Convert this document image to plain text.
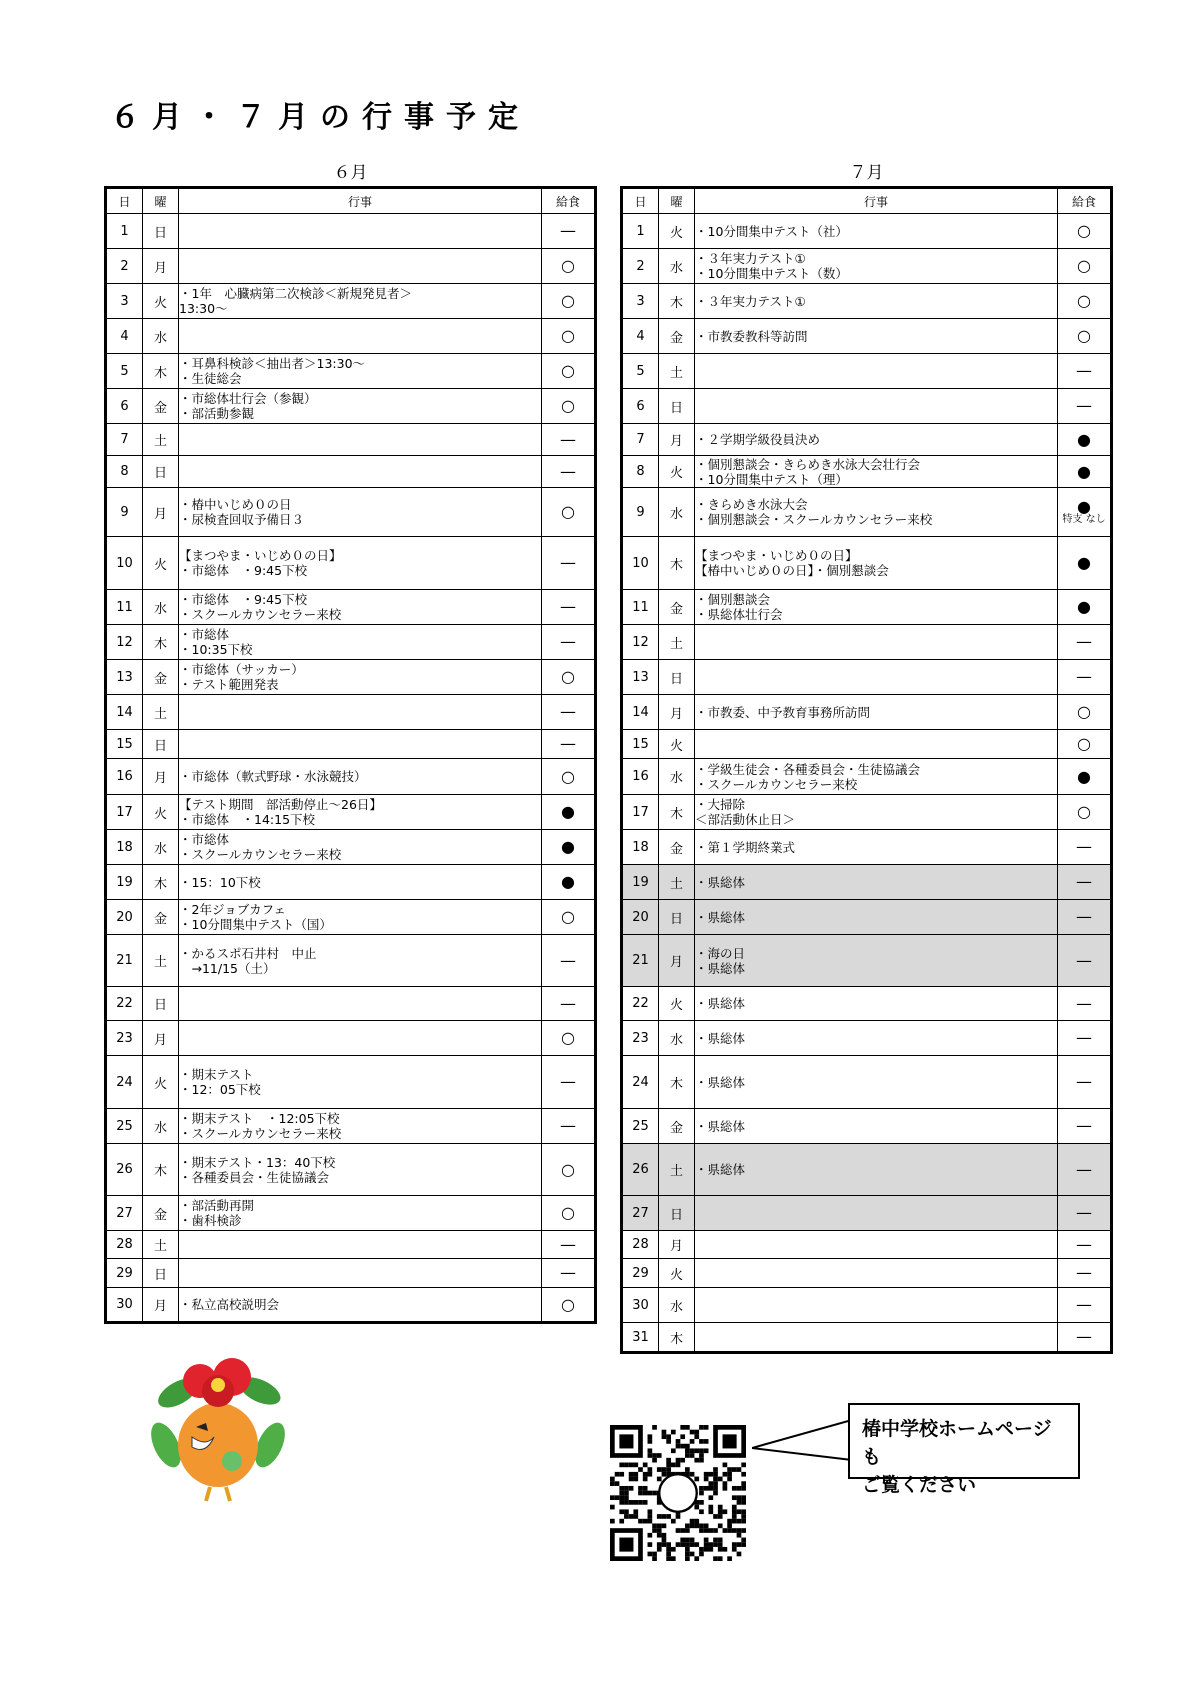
６月・７月の行事予定
６月
日	曜	行事	給食
1	日		—
2	月		○
3	火	・1年　心臓病第二次検診＜新規発見者＞
13:30～	○
4	水		○
5	木	・耳鼻科検診＜抽出者＞13:30～
・生徒総会	○
6	金	・市総体壮行会（参観）
・部活動参観	○
7	土		—
8	日		—
9	月	・椿中いじめ０の日
・尿検査回収予備日３	○
10	火	【まつやま・いじめ０の日】
・市総体　・9:45下校	—
11	水	・市総体　・9:45下校
・スクールカウンセラー来校	—
12	木	・市総体
・10:35下校	—
13	金	・市総体（サッカー）
・テスト範囲発表	○
14	土		—
15	日		—
16	月	・市総体（軟式野球・水泳競技）	○
17	火	【テスト期間　部活動停止～26日】
・市総体　・14:15下校	●
18	水	・市総体
・スクールカウンセラー来校	●
19	木	・15：10下校	●
20	金	・2年ジョブカフェ
・10分間集中テスト（国）	○
21	土	・かるスポ石井村　中止
　→11/15（土）	—
22	日		—
23	月		○
24	火	・期末テスト
・12：05下校	—
25	水	・期末テスト　・12:05下校
・スクールカウンセラー来校	—
26	木	・期末テスト・13：40下校
・各種委員会・生徒協議会	○
27	金	・部活動再開
・歯科検診	○
28	土		—
29	日		—
30	月	・私立高校説明会	○
７月
日	曜	行事	給食
1	火	・10分間集中テスト（社）	○
2	水	・３年実力テスト①
・10分間集中テスト（数）	○
3	木	・３年実力テスト①	○
4	金	・市教委教科等訪問	○
5	土		—
6	日		—
7	月	・２学期学級役員決め	●
8	火	・個別懇談会・きらめき水泳大会壮行会
・10分間集中テスト（理）	●
9	水	・きらめき水泳大会
・個別懇談会・スクールカウンセラー来校	●
特支 なし

10	木	【まつやま・いじめ０の日】
【椿中いじめ０の日】・個別懇談会	●
11	金	・個別懇談会
・県総体壮行会	●
12	土		—
13	日		—
14	月	・市教委、中予教育事務所訪問	○
15	火		○
16	水	・学級生徒会・各種委員会・生徒協議会
・スクールカウンセラー来校	●
17	木	・大掃除
＜部活動休止日＞	○
18	金	・第１学期終業式	—
19	土	・県総体	—
20	日	・県総体	—
21	月	・海の日
・県総体	—
22	火	・県総体	—
23	水	・県総体	—
24	木	・県総体	—
25	金	・県総体	—
26	土	・県総体	—
27	日		—
28	月		—
29	火		—
30	水		—
31	木		—
椿中学校ホームページも
ご覧ください
